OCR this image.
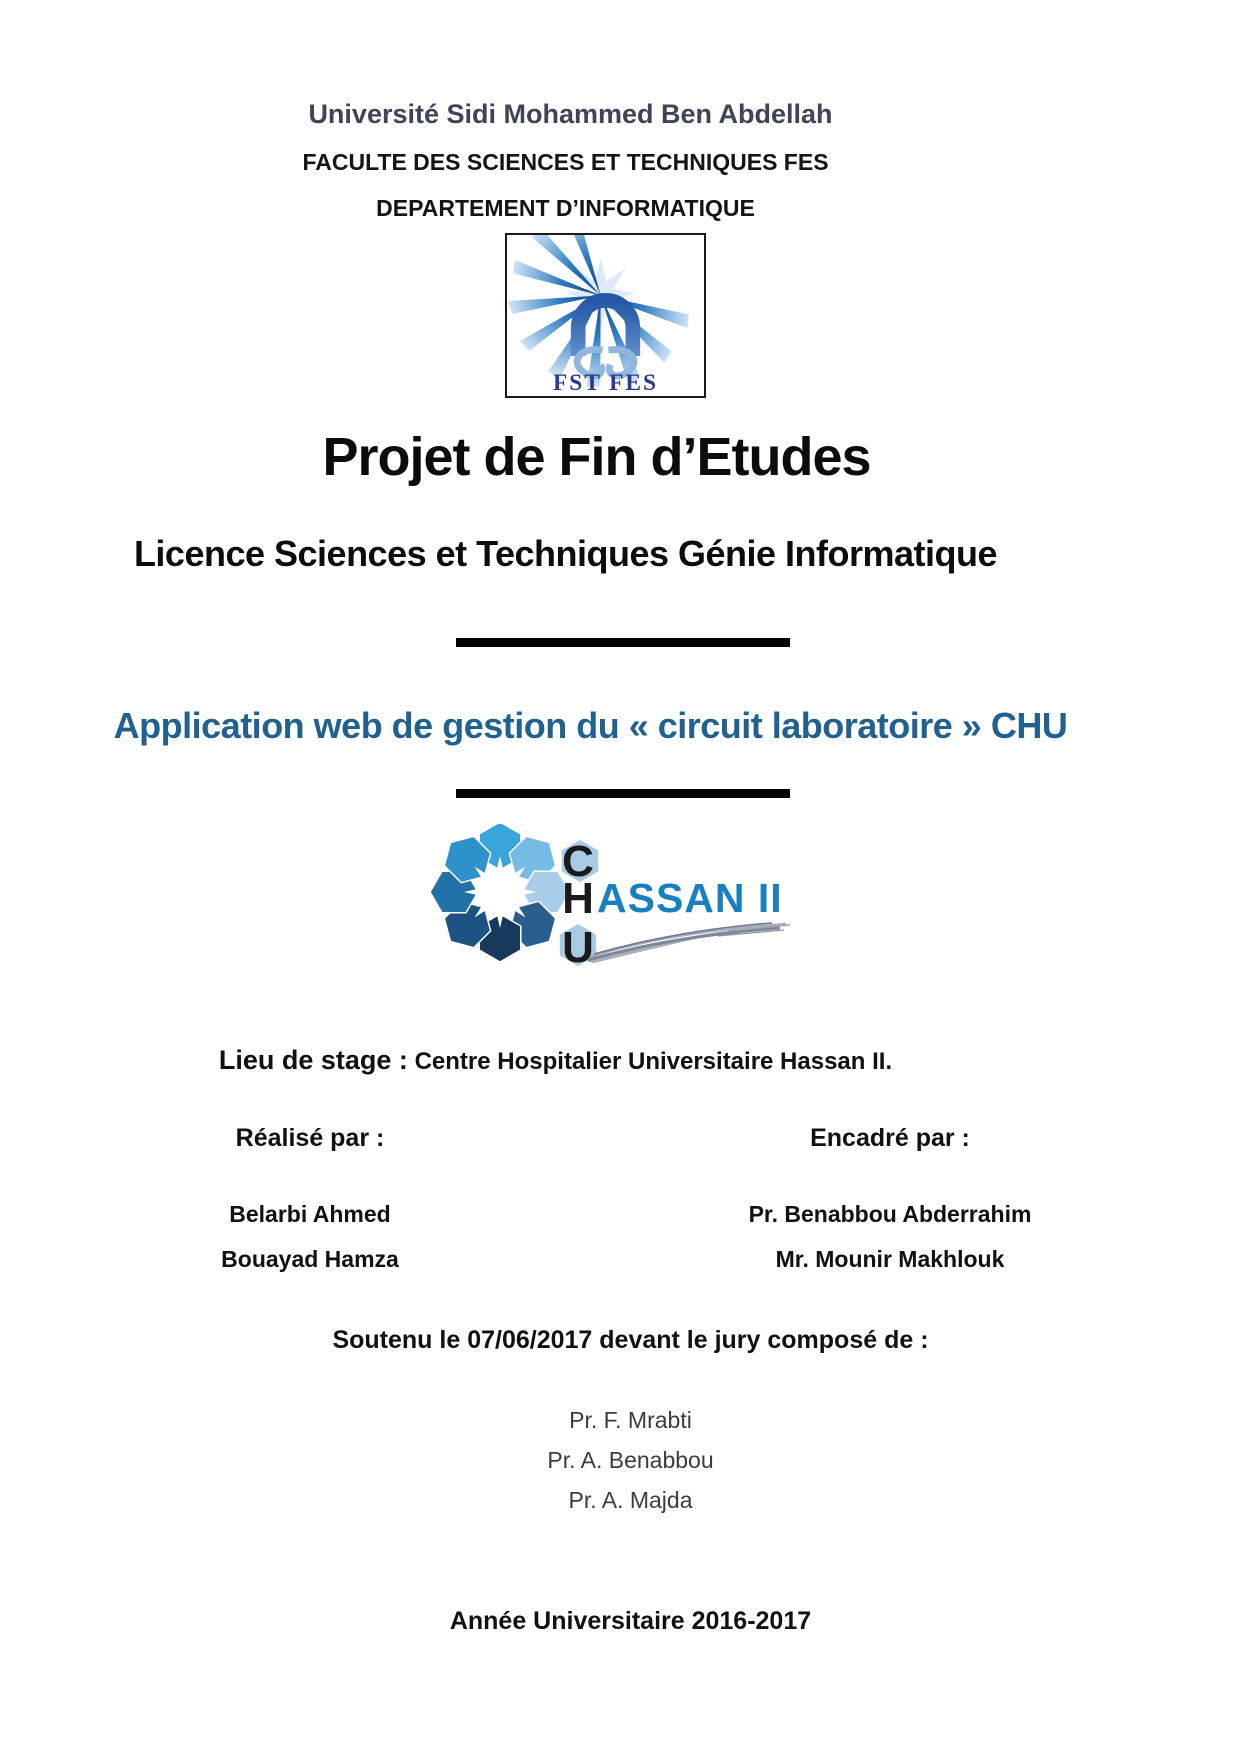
Université Sidi Mohammed Ben Abdellah
FACULTE DES SCIENCES ET TECHNIQUES FES
DEPARTEMENT D’INFORMATIQUE
FST FES
Projet de Fin d’Etudes
Licence Sciences et Techniques Génie Informatique
Application web de gestion du « circuit laboratoire » CHU
C
H
U
ASSAN II
Lieu de stage : Centre Hospitalier Universitaire Hassan II.
Réalisé par :	Encadré par :
Belarbi Ahmed	Pr. Benabbou Abderrahim
Bouayad Hamza	Mr. Mounir Makhlouk
Soutenu le 07/06/2017 devant le jury composé de :
Pr. F. Mrabti
Pr. A. Benabbou
Pr. A. Majda
Année Universitaire 2016-2017
